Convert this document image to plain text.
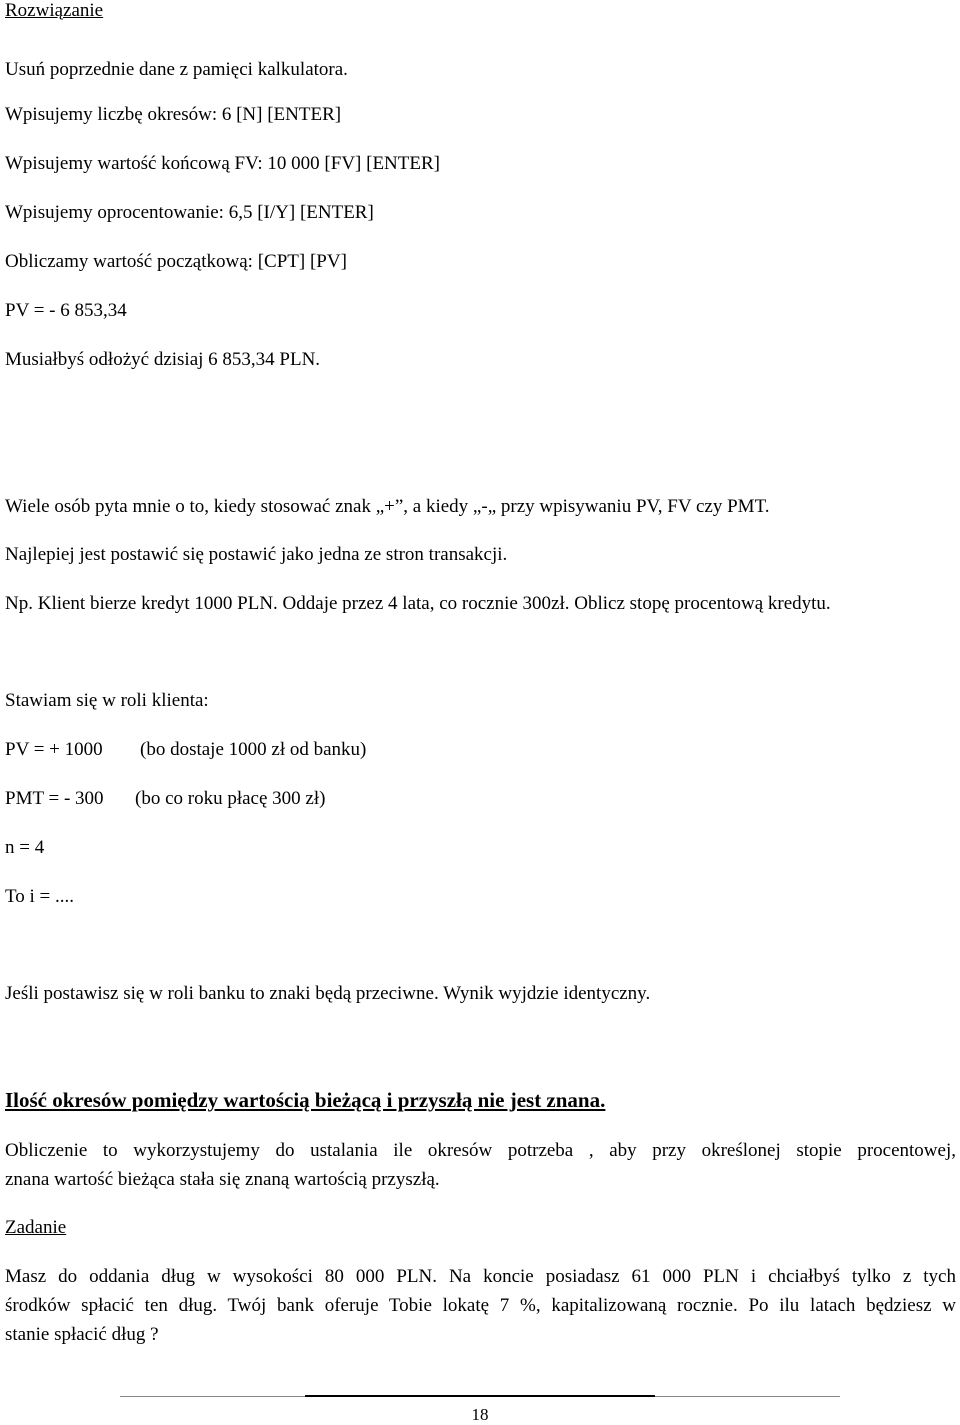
Rozwiązanie
Usuń poprzednie dane z pamięci kalkulatora.
Wpisujemy liczbę okresów: 6 [N] [ENTER]
Wpisujemy wartość końcową FV: 10 000 [FV] [ENTER]
Wpisujemy oprocentowanie: 6,5 [I/Y] [ENTER]
Obliczamy wartość początkową: [CPT] [PV]
PV = - 6 853,34
Musiałbyś odłożyć dzisiaj 6 853,34 PLN.
Wiele osób pyta mnie o to, kiedy stosować znak „+”, a kiedy „-„ przy wpisywaniu PV, FV czy PMT.
Najlepiej jest postawić się postawić jako jedna ze stron transakcji.
Np. Klient bierze kredyt 1000 PLN. Oddaje przez 4 lata, co rocznie 300zł. Oblicz stopę procentową kredytu.
Stawiam się w roli klienta:
PV = + 1000 (bo dostaje 1000 zł od banku)
PMT = - 300 (bo co roku płacę 300 zł)
n = 4
To i = ....
Jeśli postawisz się w roli banku to znaki będą przeciwne. Wynik wyjdzie identyczny.
Ilość okresów pomiędzy wartością bieżącą i przyszłą nie jest znana.
Obliczenie to wykorzystujemy do ustalania ile okresów potrzeba , aby przy określonej stopie procentowej,
znana wartość bieżąca stała się znaną wartością przyszłą.
Zadanie
Masz do oddania dług w wysokości 80 000 PLN. Na koncie posiadasz 61 000 PLN i chciałbyś tylko z tych
środków spłacić ten dług. Twój bank oferuje Tobie lokatę 7 %, kapitalizowaną rocznie. Po ilu latach będziesz w
stanie spłacić dług ?
18
